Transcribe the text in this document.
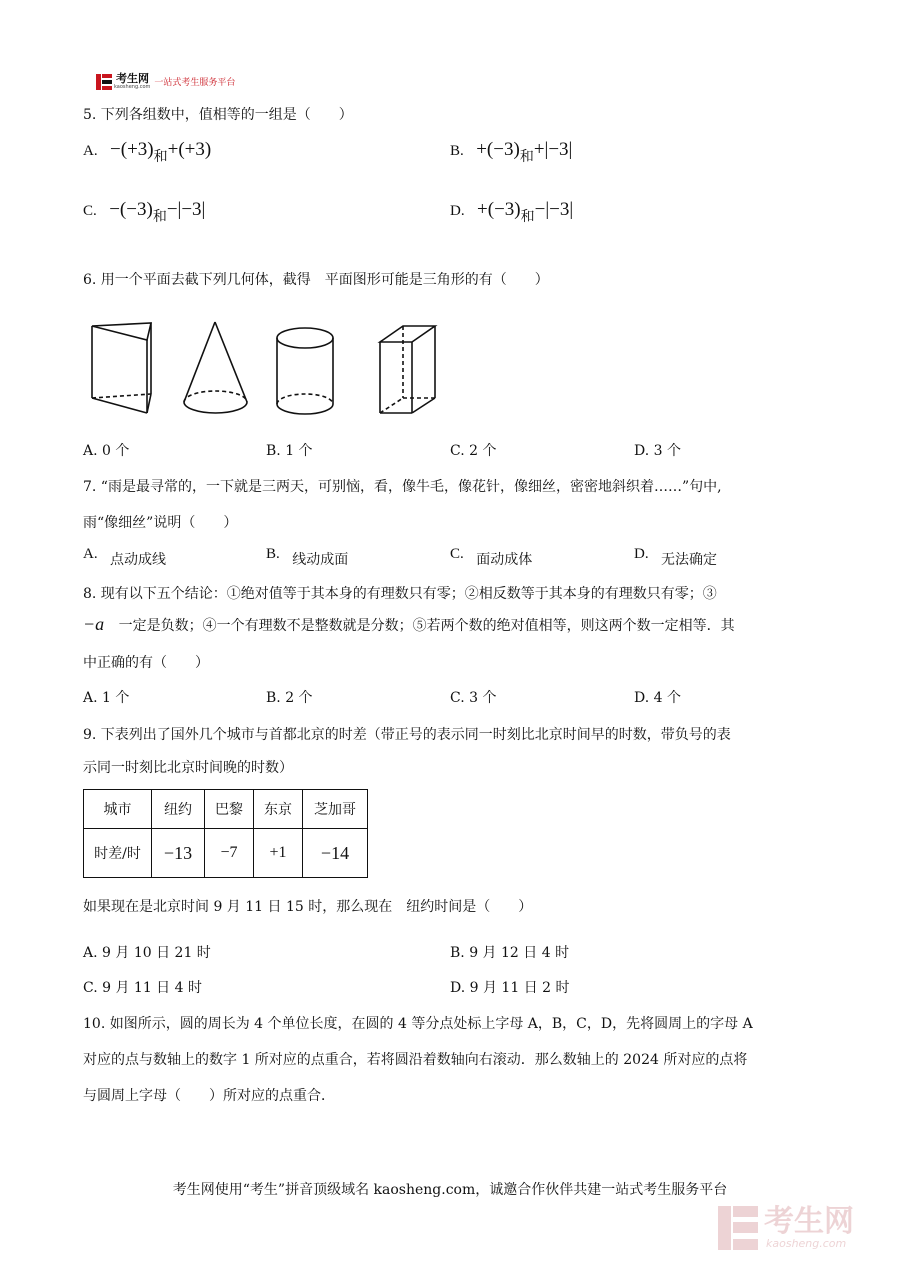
考生网
kaosheng.com 一站式考生服务平台
5. 下列各组数中，值相等的一组是（　　）
A. −(+3)和+(+3)	B. +(−3)和+|−3|
C. −(−3)和−|−3|	D. +(−3)和−|−3|
6. 用一个平面去截下列几何体，截得　平面图形可能是三角形的有（　　）
A. 0 个	B. 1 个	C. 2 个	D. 3 个
7. “雨是最寻常的，一下就是三两天，可别恼，看，像牛毛，像花针，像细丝，密密地斜织着……”句中,
雨“像细丝”说明（　　）
A. 点动成线	B. 线动成面	C. 面动成体	D. 无法确定
8. 现有以下五个结论：①绝对值等于其本身的有理数只有零；②相反数等于其本身的有理数只有零；③
−a 一定是负数；④一个有理数不是整数就是分数；⑤若两个数的绝对值相等，则这两个数一定相等．其
中正确的有（　　）
A. 1 个	B. 2 个	C. 3 个	D. 4 个
9. 下表列出了国外几个城市与首都北京的时差（带正号的表示同一时刻比北京时间早的时数，带负号的表
示同一时刻比北京时间晚的时数）
城市	纽约	巴黎	东京	芝加哥
时差/时	−13	−7	+1	−14
如果现在是北京时间 9 月 11 日 15 时，那么现在　纽约时间是（　　）
A. 9 月 10 日 21 时	B. 9 月 12 日 4 时
C. 9 月 11 日 4 时	D. 9 月 11 日 2 时
10. 如图所示，圆的周长为 4 个单位长度，在圆的 4 等分点处标上字母 A，B，C，D，先将圆周上的字母 A
对应的点与数轴上的数字 1 所对应的点重合，若将圆沿着数轴向右滚动．那么数轴上的 2024 所对应的点将
与圆周上字母（　　）所对应的点重合．
考生网使用“考生”拼音顶级域名 kaosheng.com，诚邀合作伙伴共建一站式考生服务平台
考生网
kaosheng.com
